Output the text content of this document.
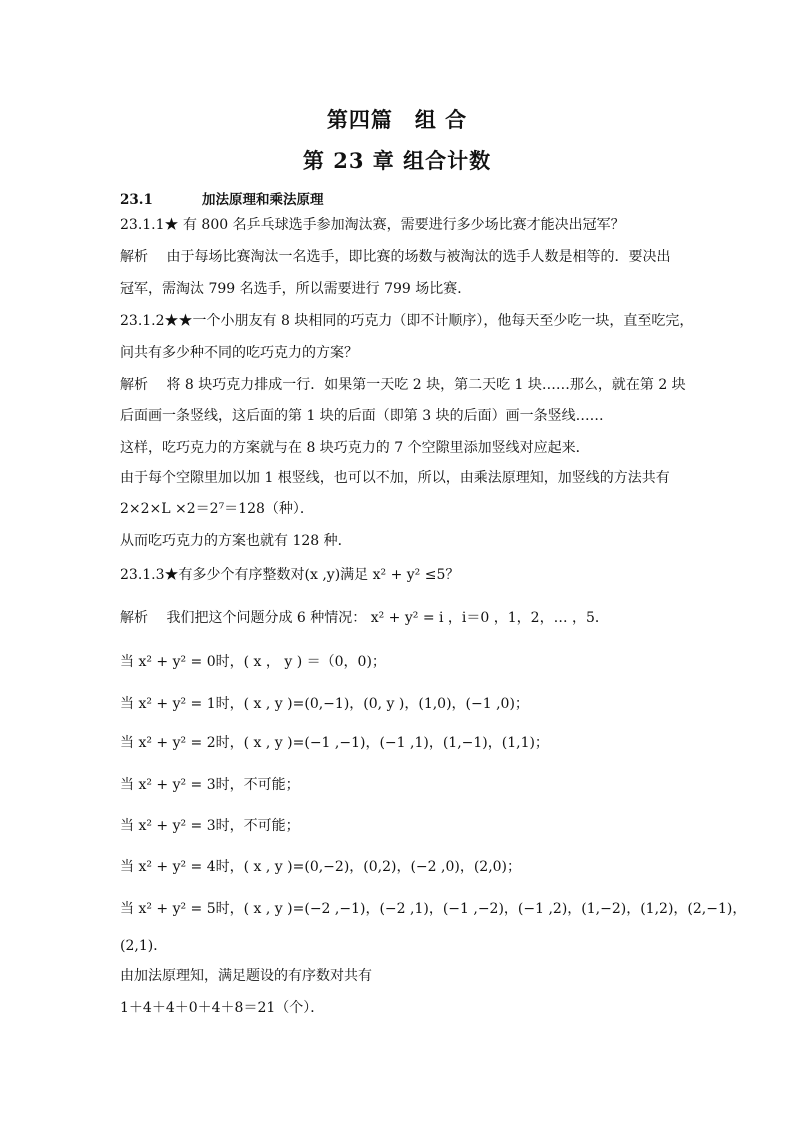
第四篇　组 合
第 23 章 组合计数
23.1	加法原理和乘法原理
23.1.1★ 有 800 名乒乓球选手参加淘汰赛，需要进行多少场比赛才能决出冠军？
解析　 由于每场比赛淘汰一名选手，即比赛的场数与被淘汰的选手人数是相等的．要决出
冠军，需淘汰 799 名选手，所以需要进行 799 场比赛．
23.1.2★★一个小朋友有 8 块相同的巧克力（即不计顺序），他每天至少吃一块，直至吃完，
问共有多少种不同的吃巧克力的方案？
解析　 将 8 块巧克力排成一行．如果第一天吃 2 块，第二天吃 1 块……那么，就在第 2 块
后面画一条竖线，这后面的第 1 块的后面（即第 3 块的后面）画一条竖线……
这样，吃巧克力的方案就与在 8 块巧克力的 7 个空隙里添加竖线对应起来．
由于每个空隙里加以加 1 根竖线，也可以不加，所以，由乘法原理知，加竖线的方法共有
2×2×L ×2＝2⁷＝128（种）．
从而吃巧克力的方案也就有 128 种．
23.1.3★有多少个有序整数对(x ,y)满足 x² + y² ≤5？
解析　 我们把这个问题分成 6 种情况： x² + y² = i ，i＝0 ，1，2，… ，5．
当 x² + y² = 0时，( x ， y ) ＝（0，0)；
当 x² + y² = 1时，( x , y )=(0,−1)，(0, y )，(1,0)，(−1 ,0)；
当 x² + y² = 2时，( x , y )=(−1 ,−1)，(−1 ,1)，(1,−1)，(1,1)；
当 x² + y² = 3时，不可能；
当 x² + y² = 3时，不可能；
当 x² + y² = 4时，( x , y )=(0,−2)，(0,2)，(−2 ,0)，(2,0)；
当 x² + y² = 5时，( x , y )=(−2 ,−1)，(−2 ,1)，(−1 ,−2)，(−1 ,2)，(1,−2)，(1,2)，(2,−1)，
(2,1)．
由加法原理知，满足题设的有序数对共有
1＋4＋4＋0＋4＋8＝21（个）．
